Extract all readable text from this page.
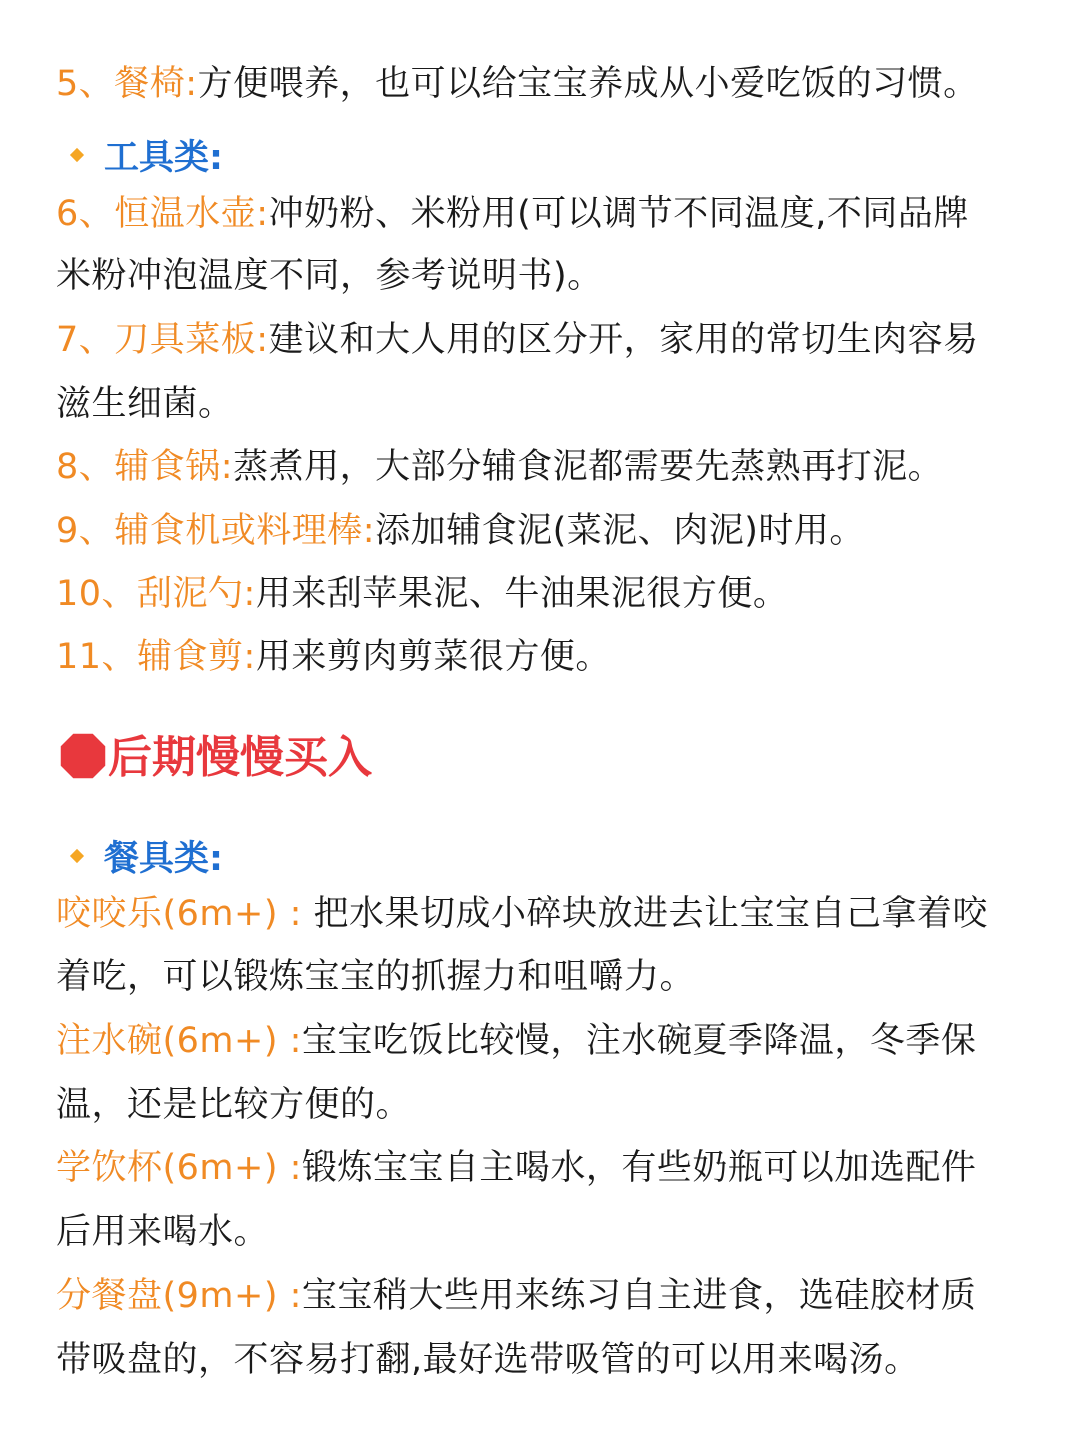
5、餐椅:方便喂养，也可以给宝宝养成从小爱吃饭的习惯。
工具类:
6、恒温水壶:冲奶粉、米粉用(可以调节不同温度,不同品牌
米粉冲泡温度不同，参考说明书)。
7、刀具菜板:建议和大人用的区分开，家用的常切生肉容易
滋生细菌。
8、辅食锅:蒸煮用，大部分辅食泥都需要先蒸熟再打泥。
9、辅食机或料理棒:添加辅食泥(菜泥、肉泥)时用。
10、刮泥勺:用来刮苹果泥、牛油果泥很方便。
11、辅食剪:用来剪肉剪菜很方便。
后期慢慢买入
餐具类:
咬咬乐(6m+) : 把水果切成小碎块放进去让宝宝自己拿着咬
着吃，可以锻炼宝宝的抓握力和咀嚼力。
注水碗(6m+) :宝宝吃饭比较慢，注水碗夏季降温，冬季保
温，还是比较方便的。
学饮杯(6m+) :锻炼宝宝自主喝水，有些奶瓶可以加选配件
后用来喝水。
分餐盘(9m+) :宝宝稍大些用来练习自主进食，选硅胶材质
带吸盘的，不容易打翻,最好选带吸管的可以用来喝汤。
